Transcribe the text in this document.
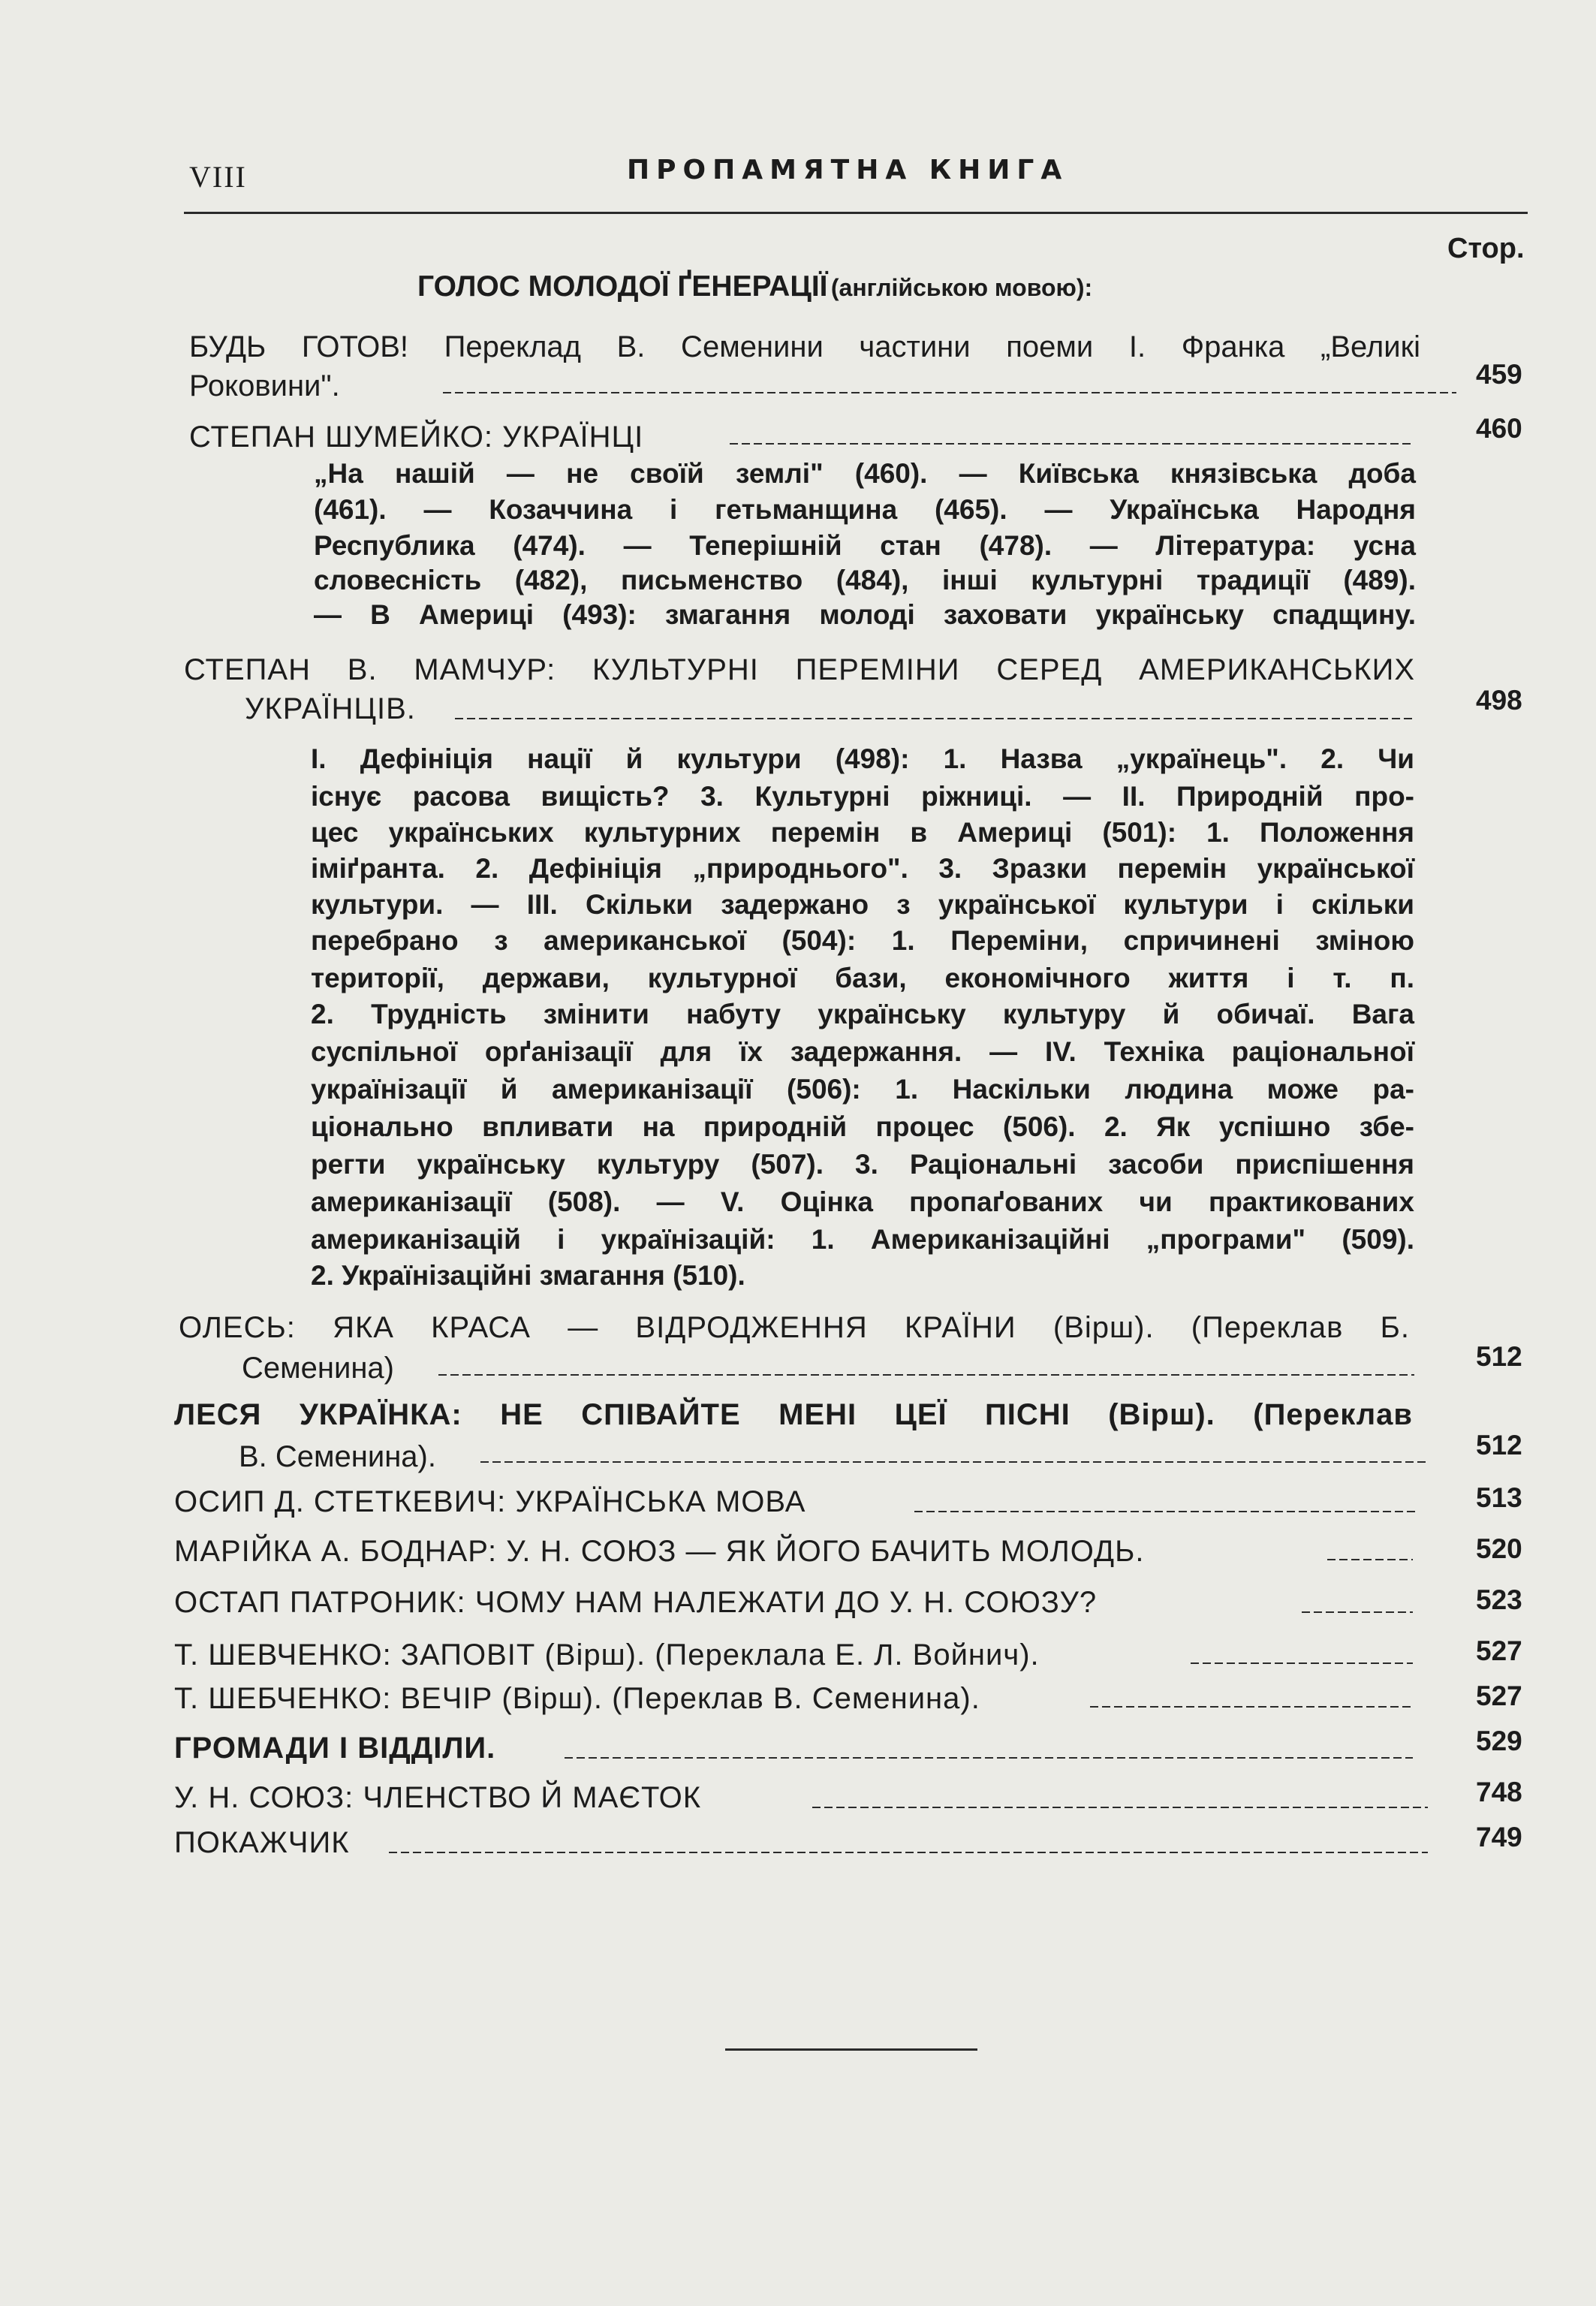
VIII	ПРОПАМЯТНА КНИГА
Стор.
ГОЛОС МОЛОДОЇ ҐЕНЕРАЦІЇ (англійською мовою):
БУДЬ ГОТОВ! Переклад В. Семенини частини поеми І. Франка „Великі
Роковини".	459
СТЕПАН ШУМЕЙКО: УКРАЇНЦІ	460
„На нашій — не своїй землі" (460). — Київська князівська доба
(461). — Козаччина і гетьманщина (465). — Українська Народня
Республика (474). — Теперішній стан (478). — Література: усна
словесність (482), письменство (484), інші культурні традиції (489).
— В Америці (493): змагання молоді заховати українську спадщину.
СТЕПАН В. МАМЧУР: КУЛЬТУРНІ ПЕРЕМІНИ СЕРЕД АМЕРИКАНСЬКИХ
УКРАЇНЦІВ.	498
I. Дефініція нації й культури (498): 1. Назва „українець". 2. Чи
існує расова вищість? 3. Культурні ріжниці. — II. Природній про-
цес українських культурних перемін в Америці (501): 1. Положення
іміґранта. 2. Дефініція „природнього". 3. Зразки перемін української
культури. — III. Скільки задержано з української культури і скільки
перебрано з американської (504): 1. Переміни, спричинені зміною
території, держави, культурної бази, економічного життя і т. п.
2. Трудність змінити набуту українську культуру й обичаї. Вага
суспільної орґанізації для їх задержання. — IV. Техніка раціональної
українізації й американізації (506): 1. Наскільки людина може ра-
ціонально впливати на природній процес (506). 2. Як успішно збе-
регти українську культуру (507). 3. Раціональні засоби приспішення
американізації (508). — V. Оцінка пропаґованих чи практикованих
американізацій і українізацій: 1. Американізаційні „програми" (509).
2. Українізаційні змагання (510).
ОЛЕСЬ: ЯКА КРАСА — ВІДРОДЖЕННЯ КРАЇНИ (Вірш). (Переклав Б.
Семенина)	512
ЛЕСЯ УКРАЇНКА: НЕ СПІВАЙТЕ МЕНІ ЦЕЇ ПІСНІ (Вірш). (Переклав
В. Семенина).	512
ОСИП Д. СТЕТКЕВИЧ: УКРАЇНСЬКА МОВА	513
МАРІЙКА А. БОДНАР: У. Н. СОЮЗ — ЯК ЙОГО БАЧИТЬ МОЛОДЬ.	520
ОСТАП ПАТРОНИК: ЧОМУ НАМ НАЛЕЖАТИ ДО У. Н. СОЮЗУ?	523
Т. ШЕВЧЕНКО: ЗАПОВІТ (Вірш). (Переклала Е. Л. Войнич).	527
Т. ШЕБЧЕНКО: ВЕЧІР (Вірш). (Переклав В. Семенина).	527
ГРОМАДИ І ВІДДІЛИ.	529
У. Н. СОЮЗ: ЧЛЕНСТВО Й МАЄТОК	748
ПОКАЖЧИК	749
